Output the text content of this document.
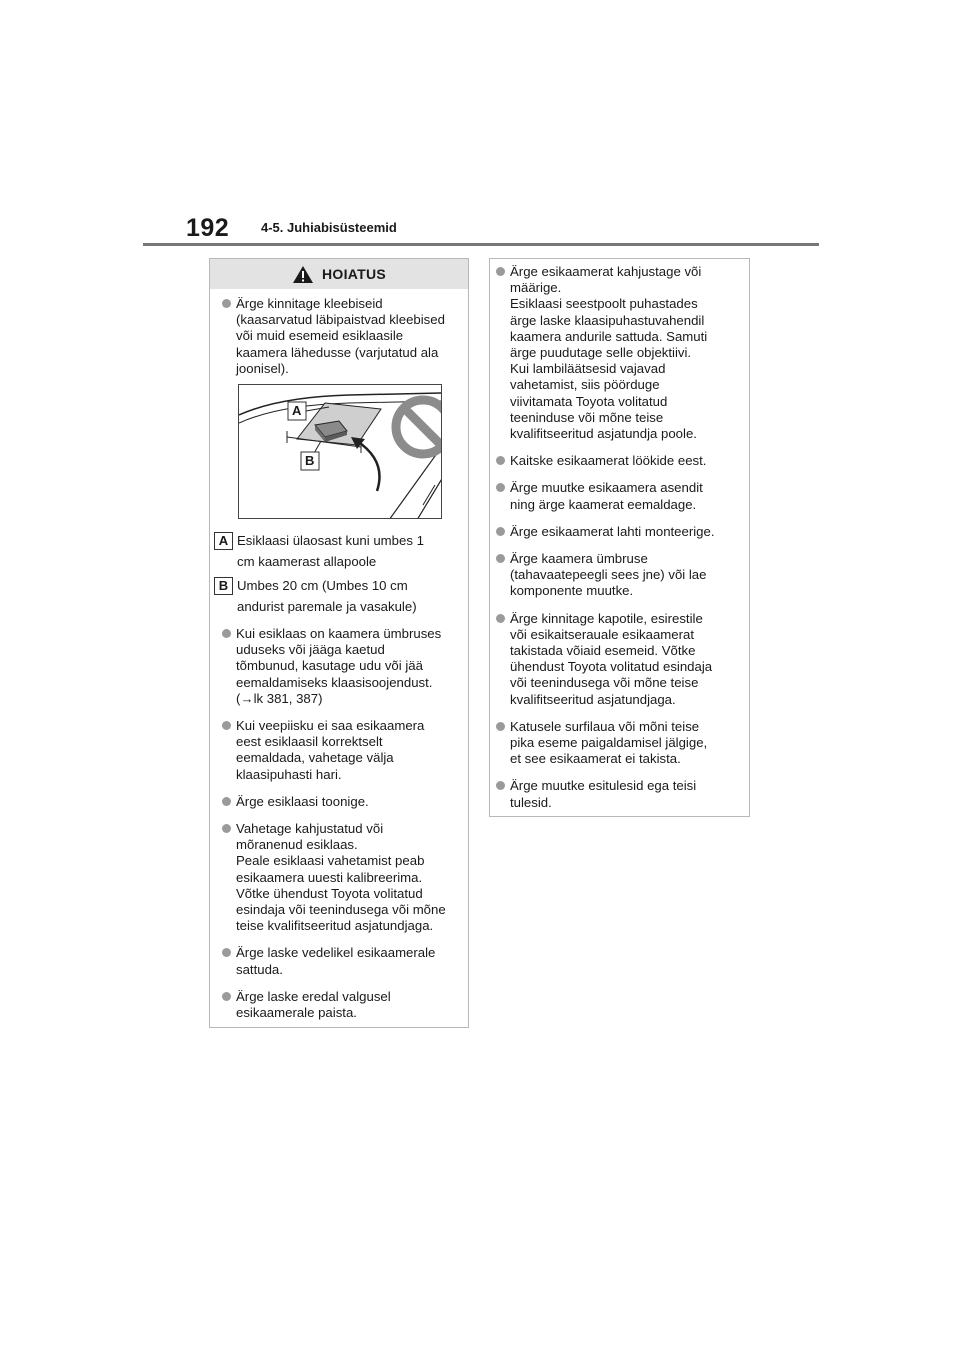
192 4-5. Juhiabisüsteemid
HOIATUS
Ärge kinnitage kleebiseid
(kaasarvatud läbipaistvad kleebised
või muid esemeid esiklaasile
kaamera lähedusse (varjutatud ala
joonisel).
A
B
A Esiklaasi ülaosast kuni umbes 1
cm kaamerast allapoole
B Umbes 20 cm (Umbes 10 cm
andurist paremale ja vasakule)
Kui esiklaas on kaamera ümbruses
uduseks või jääga kaetud
tõmbunud, kasutage udu või jää
eemaldamiseks klaasisoojendust.
(→lk 381, 387)
Kui veepiisku ei saa esikaamera
eest esiklaasil korrektselt
eemaldada, vahetage välja
klaasipuhasti hari.
Ärge esiklaasi toonige.
Vahetage kahjustatud või
mõranenud esiklaas.
Peale esiklaasi vahetamist peab
esikaamera uuesti kalibreerima.
Võtke ühendust Toyota volitatud
esindaja või teenindusega või mõne
teise kvalifitseeritud asjatundjaga.
Ärge laske vedelikel esikaamerale
sattuda.
Ärge laske eredal valgusel
esikaamerale paista.
Ärge esikaamerat kahjustage või
määrige.
Esiklaasi seestpoolt puhastades
ärge laske klaasipuhastuvahendil
kaamera andurile sattuda. Samuti
ärge puudutage selle objektiivi.
Kui lambiläätsesid vajavad
vahetamist, siis pöörduge
viivitamata Toyota volitatud
teeninduse või mõne teise
kvalifitseeritud asjatundja poole.
Kaitske esikaamerat löökide eest.
Ärge muutke esikaamera asendit
ning ärge kaamerat eemaldage.
Ärge esikaamerat lahti monteerige.
Ärge kaamera ümbruse
(tahavaatepeegli sees jne) või lae
komponente muutke.
Ärge kinnitage kapotile, esirestile
või esikaitserauale esikaamerat
takistada võiaid esemeid. Võtke
ühendust Toyota volitatud esindaja
või teenindusega või mõne teise
kvalifitseeritud asjatundjaga.
Katusele surfilaua või mõni teise
pika eseme paigaldamisel jälgige,
et see esikaamerat ei takista.
Ärge muutke esitulesid ega teisi
tulesid.
